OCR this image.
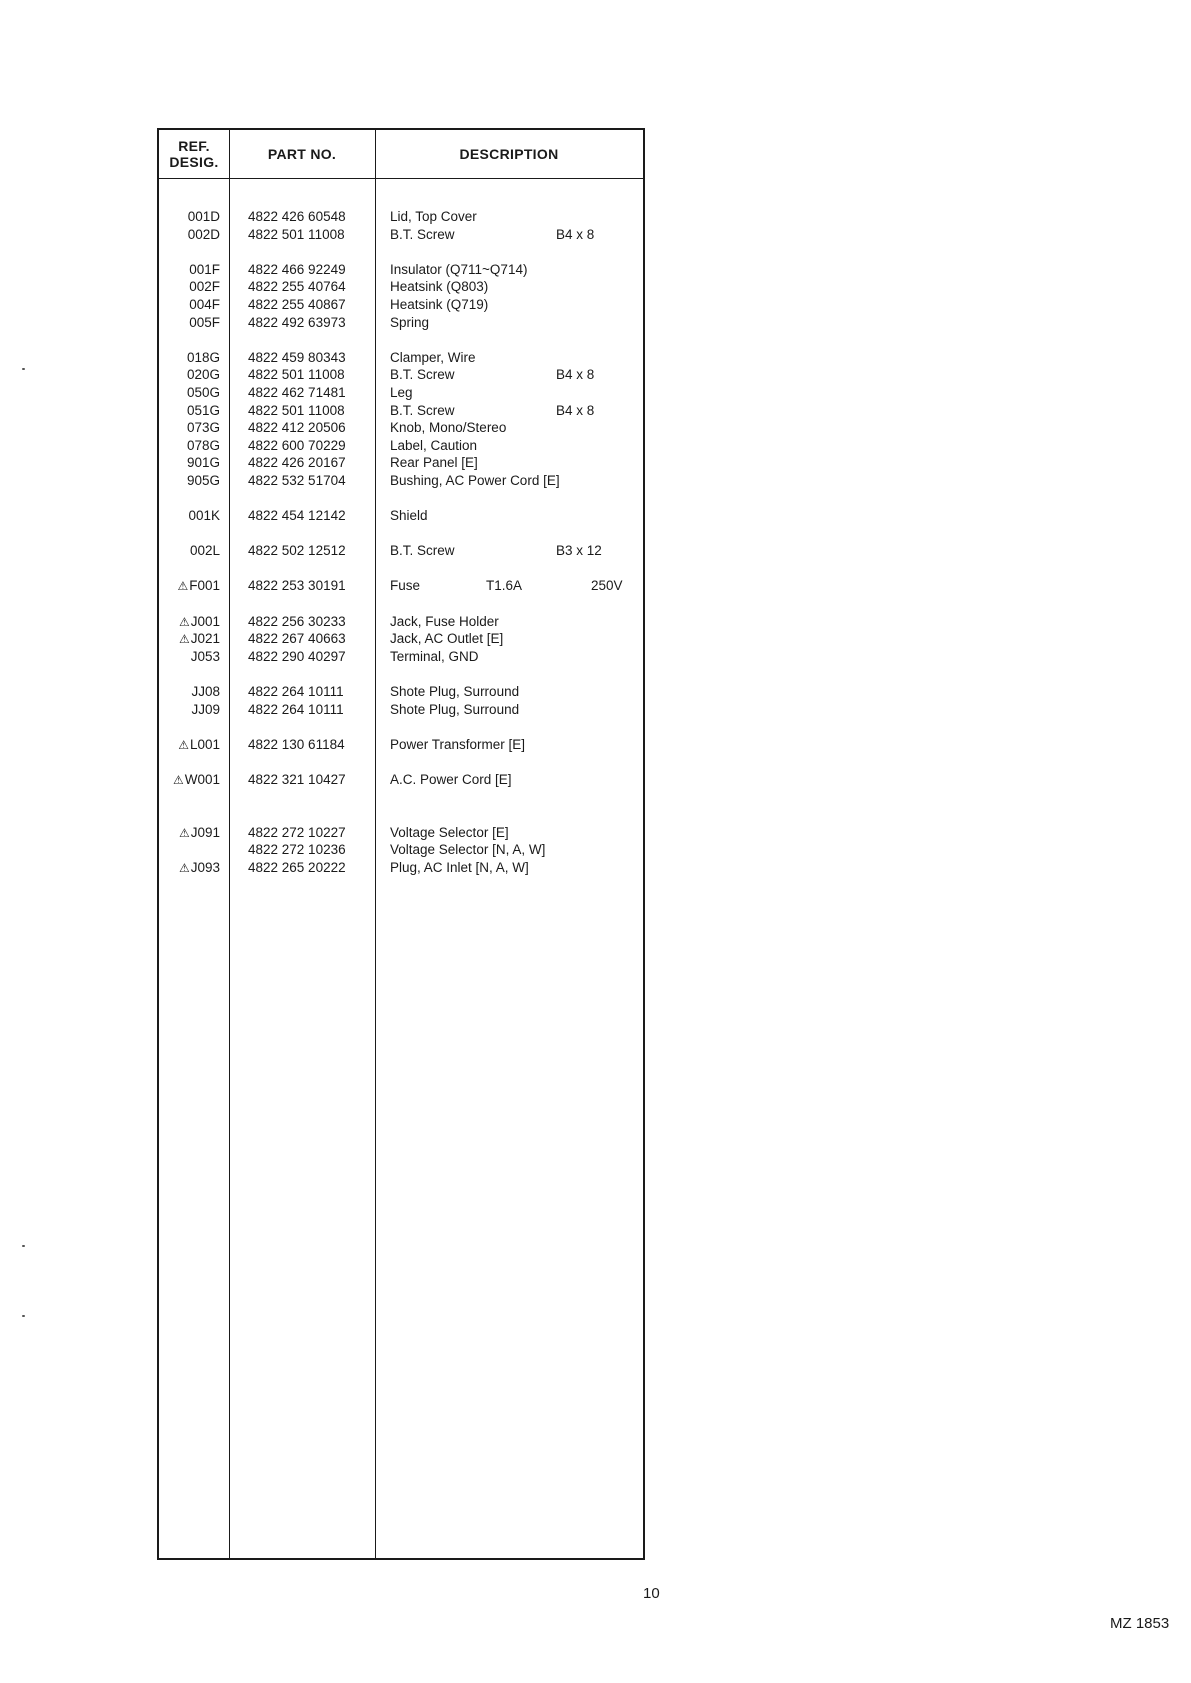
REF.
DESIG.	PART NO.	DESCRIPTION
001D 4822 426 60548	Lid, Top Cover
002D 4822 501 11008	B.T. Screw	B4 x 8
001F 4822 466 92249	Insulator (Q711~Q714)
002F 4822 255 40764	Heatsink (Q803)
004F 4822 255 40867	Heatsink (Q719)
005F 4822 492 63973	Spring
018G 4822 459 80343	Clamper, Wire
020G 4822 501 11008	B.T. Screw	B4 x 8
050G 4822 462 71481	Leg
051G 4822 501 11008	B.T. Screw	B4 x 8
073G 4822 412 20506	Knob, Mono/Stereo
078G 4822 600 70229	Label, Caution
901G 4822 426 20167	Rear Panel [E]
905G 4822 532 51704	Bushing, AC Power Cord [E]
001K 4822 454 12142	Shield
002L 4822 502 12512	B.T. Screw	B3 x 12
⚠F001 4822 253 30191	Fuse	T1.6A	250V
⚠J001 4822 256 30233	Jack, Fuse Holder
⚠J021 4822 267 40663	Jack, AC Outlet [E]
J053 4822 290 40297	Terminal, GND
JJ08 4822 264 10111	Shote Plug, Surround
JJ09 4822 264 10111	Shote Plug, Surround
⚠L001 4822 130 61184	Power Transformer [E]
⚠W001 4822 321 10427	A.C. Power Cord [E]
⚠J091 4822 272 10227	Voltage Selector [E]
4822 272 10236	Voltage Selector [N, A, W]
⚠J093 4822 265 20222	Plug, AC Inlet [N, A, W]
10
MZ 1853
